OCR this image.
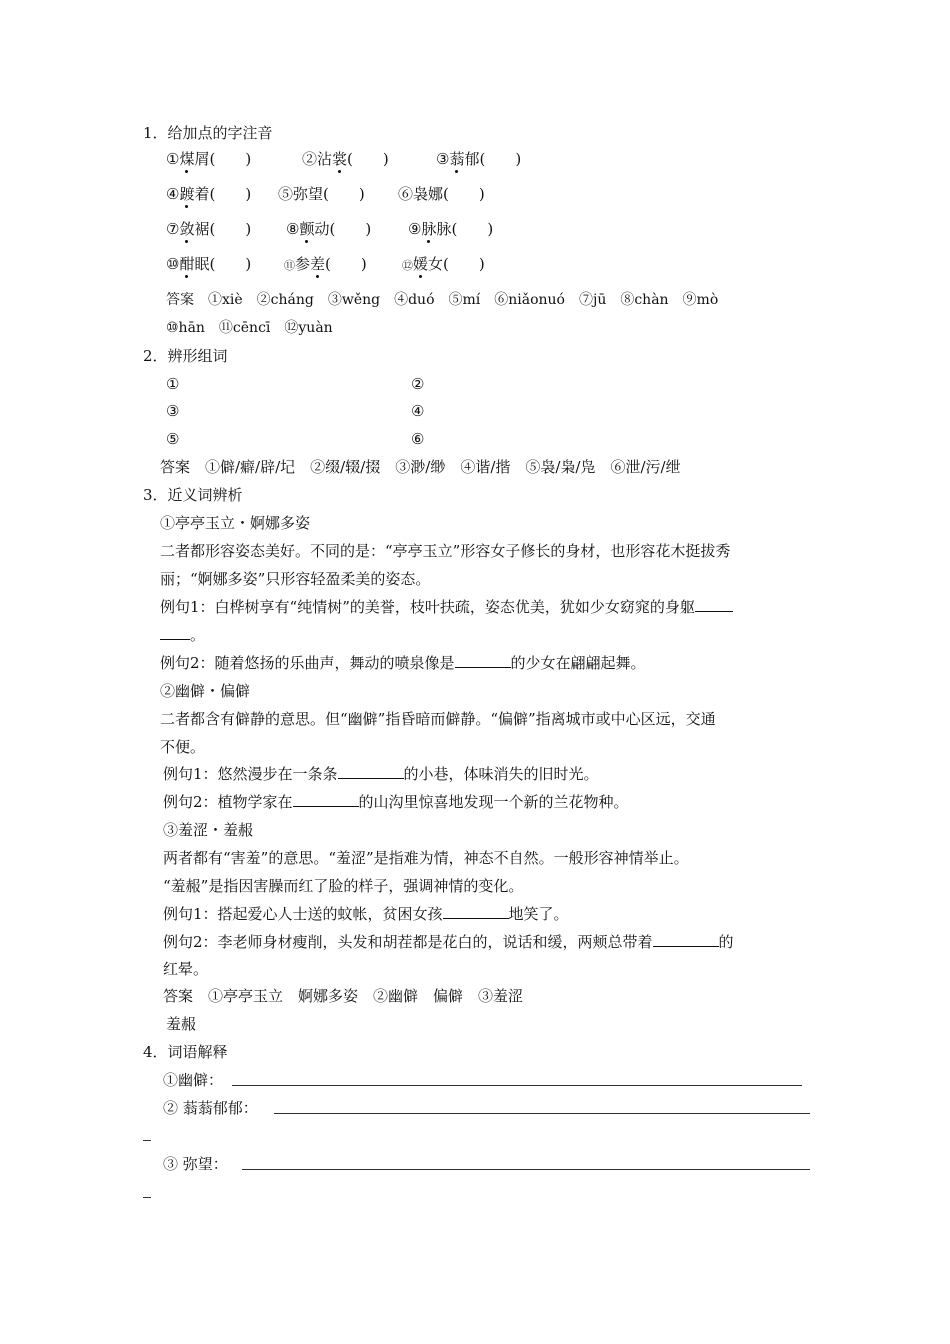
1．给加点的字注音
①煤屑(　　)	②沾裳(　　)	③蓊郁(　　)
④踱着(　　) ⑤弥望(　　) ⑥袅娜(　　)
⑦敛裾(　　) ⑧颤动(　　) ⑨脉脉(　　)
⑩酣眠(　　)	⑪参差(　　)	⑫媛女(　　)
答案　①xiè　②cháng　③wěng　④duó　⑤mí　⑥niǎonuó　⑦jū　⑧chàn　⑨mò
⑩hān　⑪cēncī　⑫yuàn
2．辨形组词
①	②
③	④
⑤	⑥
答案　①僻/癖/辟/圮　②缀/辍/掇　③渺/缈　④谐/揩　⑤袅/枭/凫　⑥泄/污/绁
3．近义词辨析
①亭亭玉立・婀娜多姿
二者都形容姿态美好。不同的是：“亭亭玉立”形容女子修长的身材，也形容花木挺拔秀
丽；“婀娜多姿”只形容轻盈柔美的姿态。
例句1：白桦树享有“纯情树”的美誉，枝叶扶疏，姿态优美，犹如少女窈窕的身躯
。
例句2：随着悠扬的乐曲声，舞动的喷泉像是	的少女在翩翩起舞。
②幽僻・偏僻
二者都含有僻静的意思。但“幽僻”指昏暗而僻静。“偏僻”指离城市或中心区远，交通
不便。
例句1：悠然漫步在一条条	的小巷，体味消失的旧时光。
例句2：植物学家在	的山沟里惊喜地发现一个新的兰花物种。
③羞涩・羞赧
两者都有“害羞”的意思。“羞涩”是指难为情，神态不自然。一般形容神情举止。
“羞赧”是指因害臊而红了脸的样子，强调神情的变化。
例句1：搭起爱心人士送的蚊帐，贫困女孩	地笑了。
例句2：李老师身材瘦削，头发和胡茬都是花白的，说话和缓，两颊总带着	的
红晕。
答案　①亭亭玉立　婀娜多姿　②幽僻　偏僻　③羞涩
羞赧
4．词语解释
①幽僻：
② 蓊蓊郁郁：
③ 弥望：
